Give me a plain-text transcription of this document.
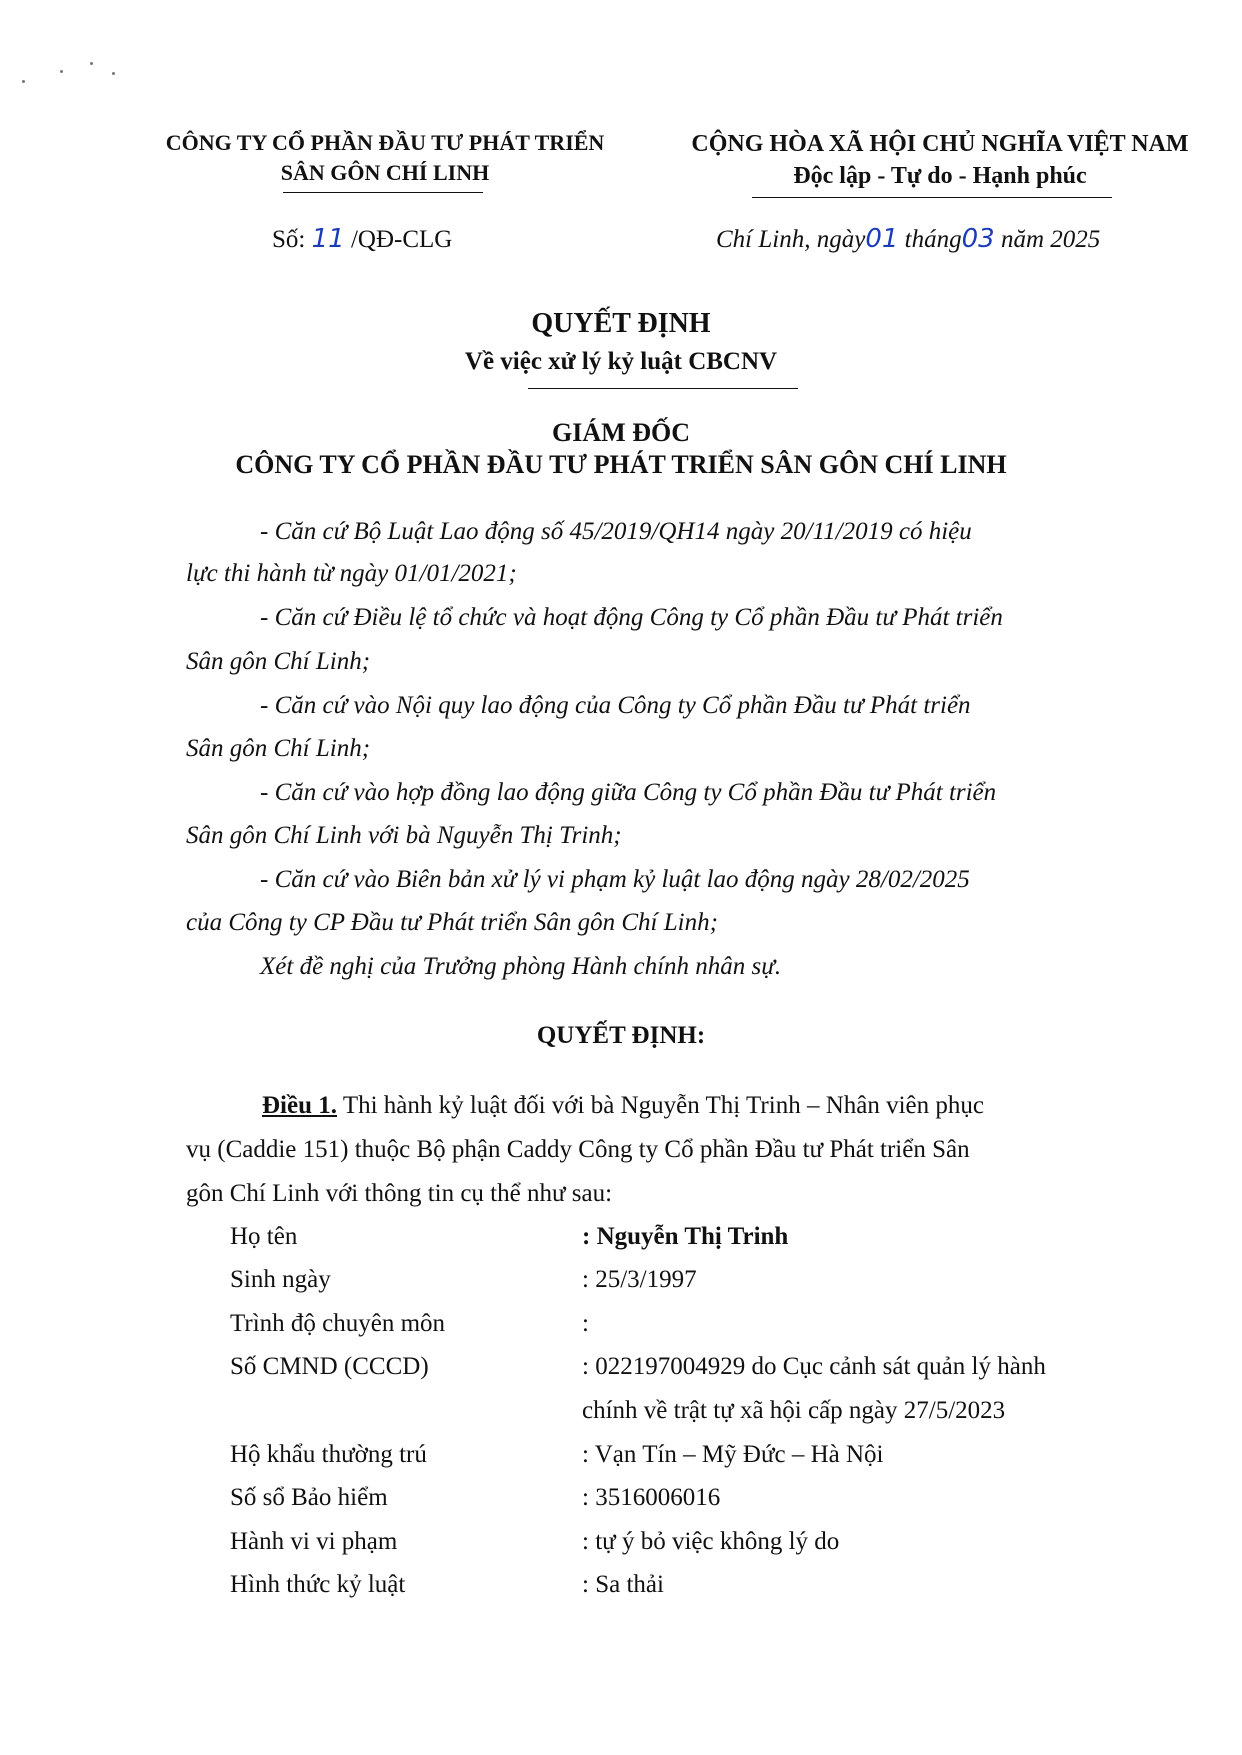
CÔNG TY CỔ PHẦN ĐẦU TƯ PHÁT TRIỂN
SÂN GÔN CHÍ LINH
CỘNG HÒA XÃ HỘI CHỦ NGHĨA VIỆT NAM
Độc lập - Tự do - Hạnh phúc
Số: 11 /QĐ-CLG	Chí Linh, ngày01 tháng03 năm 2025
QUYẾT ĐỊNH
Về việc xử lý kỷ luật CBCNV
GIÁM ĐỐC
CÔNG TY CỔ PHẦN ĐẦU TƯ PHÁT TRIỂN SÂN GÔN CHÍ LINH
- Căn cứ Bộ Luật Lao động số 45/2019/QH14 ngày 20/11/2019 có hiệu
lực thi hành từ ngày 01/01/2021;
- Căn cứ Điều lệ tổ chức và hoạt động Công ty Cổ phần Đầu tư Phát triển
Sân gôn Chí Linh;
- Căn cứ vào Nội quy lao động của Công ty Cổ phần Đầu tư Phát triển
Sân gôn Chí Linh;
- Căn cứ vào hợp đồng lao động giữa Công ty Cổ phần Đầu tư Phát triển
Sân gôn Chí Linh với bà Nguyễn Thị Trinh;
- Căn cứ vào Biên bản xử lý vi phạm kỷ luật lao động ngày 28/02/2025
của Công ty CP Đầu tư Phát triển Sân gôn Chí Linh;
Xét đề nghị của Trưởng phòng Hành chính nhân sự.
QUYẾT ĐỊNH:
Điều 1. Thi hành kỷ luật đối với bà Nguyễn Thị Trinh – Nhân viên phục
vụ (Caddie 151) thuộc Bộ phận Caddy Công ty Cổ phần Đầu tư Phát triển Sân
gôn Chí Linh với thông tin cụ thể như sau:
Họ tên	: Nguyễn Thị Trinh
Sinh ngày	: 25/3/1997
Trình độ chuyên môn	:
Số CMND (CCCD)	: 022197004929 do Cục cảnh sát quản lý hành
chính về trật tự xã hội cấp ngày 27/5/2023
Hộ khẩu thường trú	: Vạn Tín – Mỹ Đức – Hà Nội
Số sổ Bảo hiểm	: 3516006016
Hành vi vi phạm	: tự ý bỏ việc không lý do
Hình thức kỷ luật	: Sa thải
